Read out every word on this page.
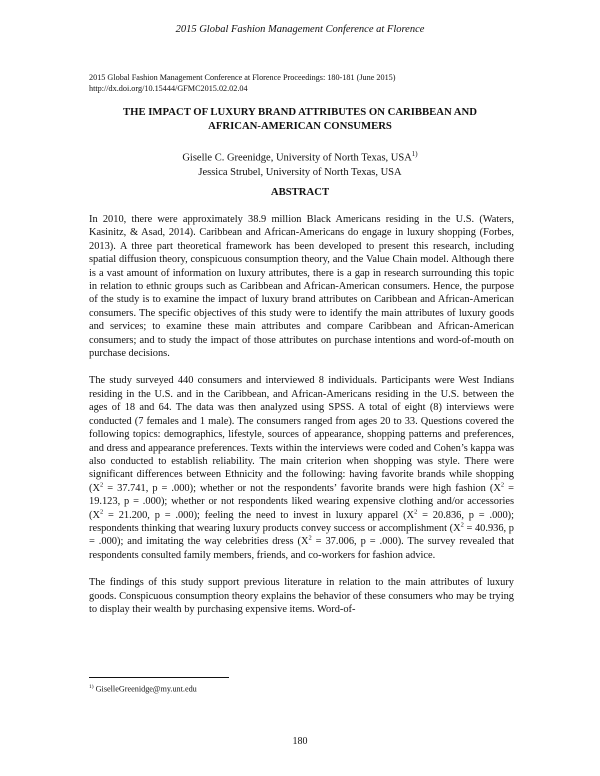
2015 Global Fashion Management Conference at Florence
2015 Global Fashion Management Conference at Florence Proceedings: 180-181 (June 2015)
http://dx.doi.org/10.15444/GFMC2015.02.02.04
THE IMPACT OF LUXURY BRAND ATTRIBUTES ON CARIBBEAN AND
AFRICAN-AMERICAN CONSUMERS
Giselle C. Greenidge, University of North Texas, USA$^{1)}$
Jessica Strubel, University of North Texas, USA
ABSTRACT

In 2010, there were approximately 38.9 million Black Americans residing in the U.S. (Waters, Kasinitz, & Asad, 2014). Caribbean and African-Americans do engage in luxury shopping (Forbes, 2013). A three part theoretical framework has been developed to present this research, including spatial diffusion theory, conspicuous consumption theory, and the Value Chain model. Although there is a vast amount of information on luxury attributes, there is a gap in research surrounding this topic in relation to ethnic groups such as Caribbean and African-American consumers. Hence, the purpose of the study is to examine the impact of luxury brand attributes on Caribbean and African-American consumers. The specific objectives of this study were to identify the main attributes of luxury goods and services; to examine these main attributes and compare Caribbean and African-American consumers; and to study the impact of those attributes on purchase intentions and word-of-mouth on purchase decisions.

The study surveyed 440 consumers and interviewed 8 individuals. Participants were West Indians residing in the U.S. and in the Caribbean, and African-Americans residing in the U.S. between the ages of 18 and 64. The data was then analyzed using SPSS. A total of eight (8) interviews were conducted (7 females and 1 male). The consumers ranged from ages 20 to 33. Questions covered the following topics: demographics, lifestyle, sources of appearance, shopping patterns and preferences, and dress and appearance preferences. Texts within the interviews were coded and Cohen’s kappa was also conducted to establish reliability. The main criterion when shopping was style. There were significant differences between Ethnicity and the following: having favorite brands while shopping ($X^2 = 37.741$, p = .000); whether or not the respondents’ favorite brands were high fashion ($X^2 = 19.123$, p = .000); whether or not respondents liked wearing expensive clothing and/or accessories ($X^2 = 21.200$, p = .000); feeling the need to invest in luxury apparel ($X^2 = 20.836$, p = .000); respondents thinking that wearing luxury products convey success or accomplishment ($X^2 = 40.936$, p = .000); and imitating the way celebrities dress ($X^2 = 37.006$, p = .000). The survey revealed that respondents consulted family members, friends, and co-workers for fashion advice.

The findings of this study support previous literature in relation to the main attributes of luxury goods. Conspicuous consumption theory explains the behavior of these consumers who may be trying to display their wealth by purchasing expensive items. Word-of-

$^{1)}$ GiselleGreenidge@my.unt.edu
180
